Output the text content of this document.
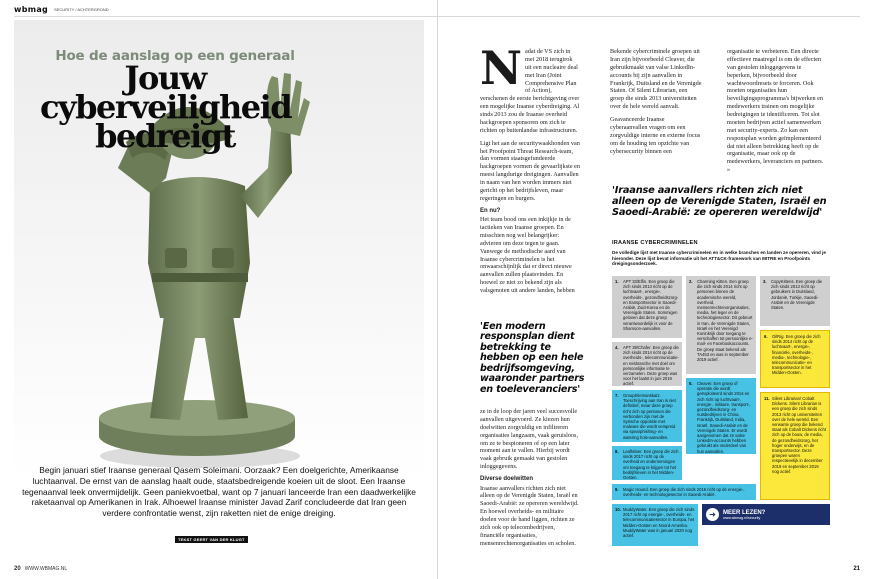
wbmag SECURITY / ACHTERGROND
Hoe de aanslag op een generaal
Jouw
cyberveiligheid
bedreigt

Begin januari stief Iraanse generaal Qasem Soleimani. Oorzaak? Een doelgerichte, Amerikaanse luchtaanval. De ernst van de aanslag haalt oude, staatsbedreigende koeien uit de sloot. Een Iraanse tegenaanval leek onvermijdelijk. Geen paniekvoetbal, want op 7 januari lanceerde Iran een daadwerkelijke raketaanval op Amerikanen in Irak. Alhoewel Iraanse minister Javad Zarif concludeerde dat Iran geen verdere confrontatie wenst, zijn raketten niet de enige dreiging.

TEKST GEERT VAN DER KLUGT
20 WWW.WBMAG.NL

Nadat de VS zich in mei 2018 terugtrok uit een nucleaire deal met Iran (Joint Comprehensive Plan of Action), verschenen de eerste berichtgeving over een mogelijke Iraanse cyberdreiging. Al sinds 2013 zou de Iraanse overheid hackgroepen sponsoren om zich te richten op buitenlandse infrastructuren.

Ligt het aan de securitywaakhonden van het Proofpoint Threat Research-team, dan vormen staatsgefundeerde hackgroepen vormen de gevaarlijkste en meest langdurige dreigingen. Aanvallen in naam van hen worden immers niet gericht op het bedrijfsleven, maar regeringen en burgers.

En nu?

Het team bood ons een inkijkje in de tactieken van Iraanse groepen. En misschien nog wel belangrijker: advieren om deze tegen te gaan. Vanwege de methodische aard van Iraanse cybercriminelen is het onwaarschijnlijk dat er direct nieuwe aanvallen zullen plaatsvinden. En hoewel ze niet zo bekend zijn als valsgenoten uit andere landen, hebben

'Een modern responsplan dient betrekking te hebben op een hele bedrijfsomgeving, waaronder partners en toeleveranciers'

ze in de loop der jaren veel succesvolle aanvallen uitgevoerd. Ze kiezen hun doelwitten zorgvuldig en infiltreren organisaties langzaam, vaak geruisloos, om ze te bespioneren of op een later moment aan te vallen. Hierbij wordt vaak gebruik gemaakt van gestolen inloggegevens.

Diverse doelwitten

Iraanse aanvallers richten zich niet alleen op de Verenigde Staten, Israël en Saoedi-Arabië: ze opereren wereldwijd. En hoewel overheids- en militaire doelen voor de hand liggen, richten ze zich ook op telecombedrijven, financiële organisaties, mensenrechtenorganisaties en scholen.

Bekende cybercriminele groepen uit Iran zijn bijvoorbeeld Cleaver, die gebruikmaakt van valse LinkedIn-accounts bij zijn aanvallen in Frankrijk, Duitsland en de Verenigde Staten. Of Silent Librarian, een groep die sinds 2013 universiteiten over de hele wereld aanvalt.

Geavanceerde Iraanse cyberaanvallen vragen om een zorgvuldige interne en externe focus om de houding ten opzichte van cybersecurity binnen een

organisatie te verbeteren. Een directe effectieve maatregel is om de effecten van gestolen inloggegevens te beperken, bijvoorbeeld door wachtwoordresets te forceren. Ook moeten organisaties hun beveiligingsprogramma's bijwerken en medewerkers trainen om mogelijke bedreigingen te identificeren. Tot slot moeten bedrijven actief samenwerken met security-experts. Zo kan een responsplan worden geïmplementeerd dat niet alleen betrekking heeft op de organisatie, maar ook op de medewerkers, leveranciers en partners. »

'Iraanse aanvallers richten zich niet alleen op de Verenigde Staten, Israël en Saoedi-Arabië: ze opereren wereldwijd'
IRAANSE CYBERCRIMINELEN
De volledige lijst met Iraanse cybercriminelen en in welke branches en landen ze opereren, vind je hieronder. Deze lijst bevat informatie uit het ATT&CK-framework van MITRE en Proofpoints dreigingsonderzoek.
1. APT 33/Elfin. Een groep die zich sinds 2013 richt op de luchtvaart-, energie-, overheids-, gezondheidszorg- en transportsector in Saoedi-Arabië, Zuid-Korea en de Verenigde Staten. Sommigen geloven dat deze groep verantwoordelijk is voor de Shamoon-aanvallen.
2. Charming Kitten. Een groep die zich sinds 2014 richt op personen binnen de academische wereld, overheid, mensenrechtenorganisaties, media, het leger en de technologiesector. Dit gebeurt in Iran, de Verenigde Staten, Israël en het Verenigd Koninkrijk door toegang te verschaffen tot persoonlijke e-mail- en Facebookaccounts. De groep staat bekend als TA453 en was in september 2019 actief.
3. CopyKittens. Een groep die zich sinds 2013 richt op gebruikers in Duitsland, Jordanië, Turkije, Saoedi-Arabië en de Verenigde Staten.
4. APT 39/Chafer. Een groep die zich sinds 2014 richt op de overheids-, telecommunicatie- en reisbranche met doel om persoonlijke informatie te verzamelen. Deze groep was voor het laatst in juni 2019 actief.	5. Cleaver. Een groep of operatie die wordt geëxploiteerd sinds 2014 en zich richt op luchtvaart-, energie-, militaire, transport-, gezondheidszorg- en nutsbedrijven in China, Frankrijk, Duitsland, India, Israël, Saoedi-Arabië en de Verenigde Staten. Er wordt aangenomen dat ze valse LinkedIn-accounts hebben gebruikt als onderdeel van hun aanvallen.
6. OilRig. Een groep die zich sinds 2014 richt op de luchtvaart-, energie-, financiële, overheids-, media-, technologie-, telecommunicatie- en transportsector in het Midden-Oosten.
7. Group5/Iemanskatz. Toeschrijving aan Iran is niet definitief, maar deze groep richt zich op personen die verbonden zijn met de Syrische oppositie met malware die wordt verspreid via spearphishing- en watering hole-aanvallen.
8. LeafMiner. Een groep die zich sinds 2017 richt op de overheid en ondernemingen om toegang te krijgen tot het bedrijfsleven in het Midden-Oosten.
9. Magic Hound. Een groep die zich sinds 2016 richt op de energie-, overheids- en technologiesector in Saoedi-Arabië.
10. MuddyWater. Een groep die zich sinds 2017 richt op energie-, overheids- en telecommunicatiesector in Europa, het Midden-Oosten en Noord-Amerika. MuddyWater was in januari 2020 nog actief.
11. Silent Librarian/ Cobalt Dickens. Silent Librarian is een groep die zich sinds 2013 richt op universiteiten over de hele wereld. Een verwante groep die bekend staat als Cobalt Dickens richt zich op de bouw, de media, de gezondheidszorg, het hoger onderwijs, en de transportsector. Deze groepen waren respectievelijk in december 2019 en september 2019 nog actief.
➜	MEER LEZEN?
www.wbmag.nl/security
21
